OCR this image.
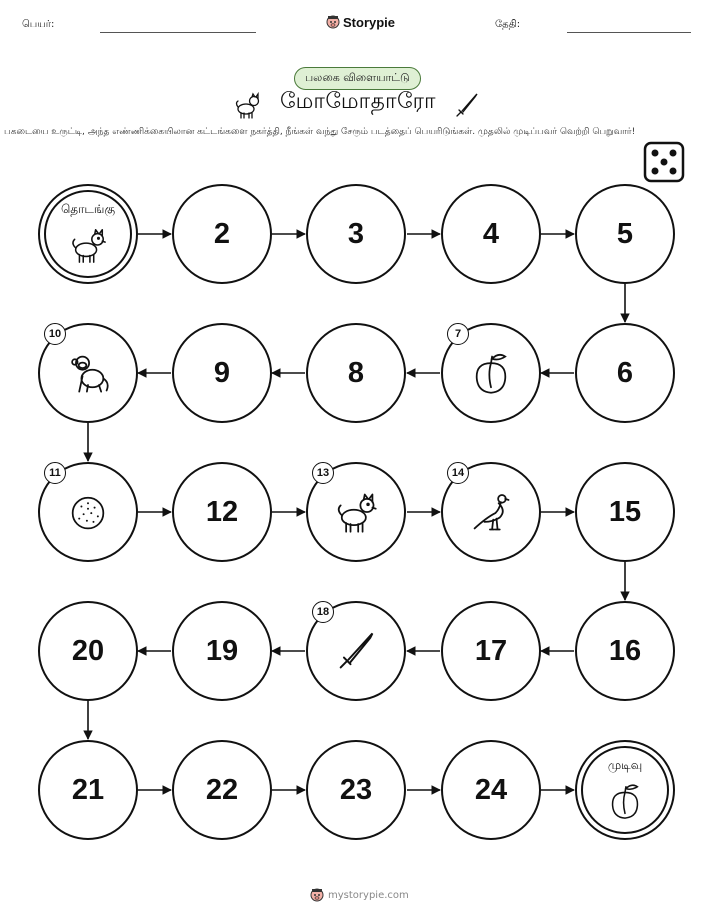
பெயர்:	Storypie	தேதி:
பலகை விளையாட்டு
மோமோதாரோ
பகடையை உருட்டி, அந்த எண்ணிக்கையிலான கட்டங்களை நகர்த்தி, நீங்கள் வந்து சேரும் படத்தைப் பெயரிடுங்கள். முதலில் முடிப்பவர் வெற்றி பெறுவார்!
தொடங்கு
2	3	4	5
6
7
8
9
10
11
12
13	14
15
16
17
18
19
20
21	22	23	24
முடிவு
mystorypie.com
